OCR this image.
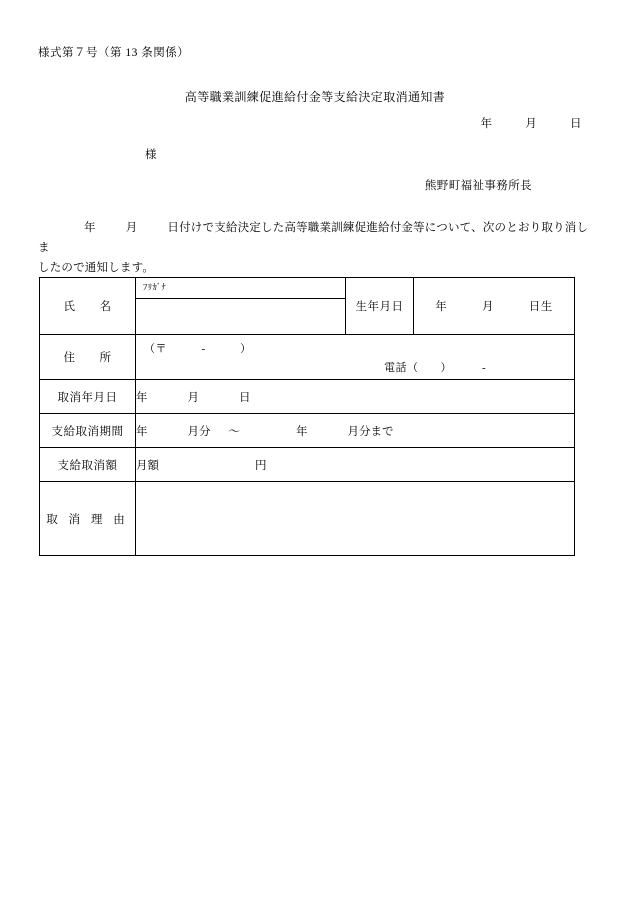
様式第７号（第 13 条関係）
高等職業訓練促進給付金等支給決定取消通知書
年	月	日
様
熊野町福祉事務所長
年	月	日付けで支給決定した高等職業訓練促進給付金等について、次のとおり取り消しま
したので通知します。
氏　　名	ﾌﾘｶﾞﾅ	生年月日	年 月 日生
住　　所	（〒　　　-　　　）
電話（ ） -		

取消年月日	年 月 日		
支給取消期間	年 月分 ～ 年 月分まで		
支給取消額	月額 円		
取 消 理 由			
